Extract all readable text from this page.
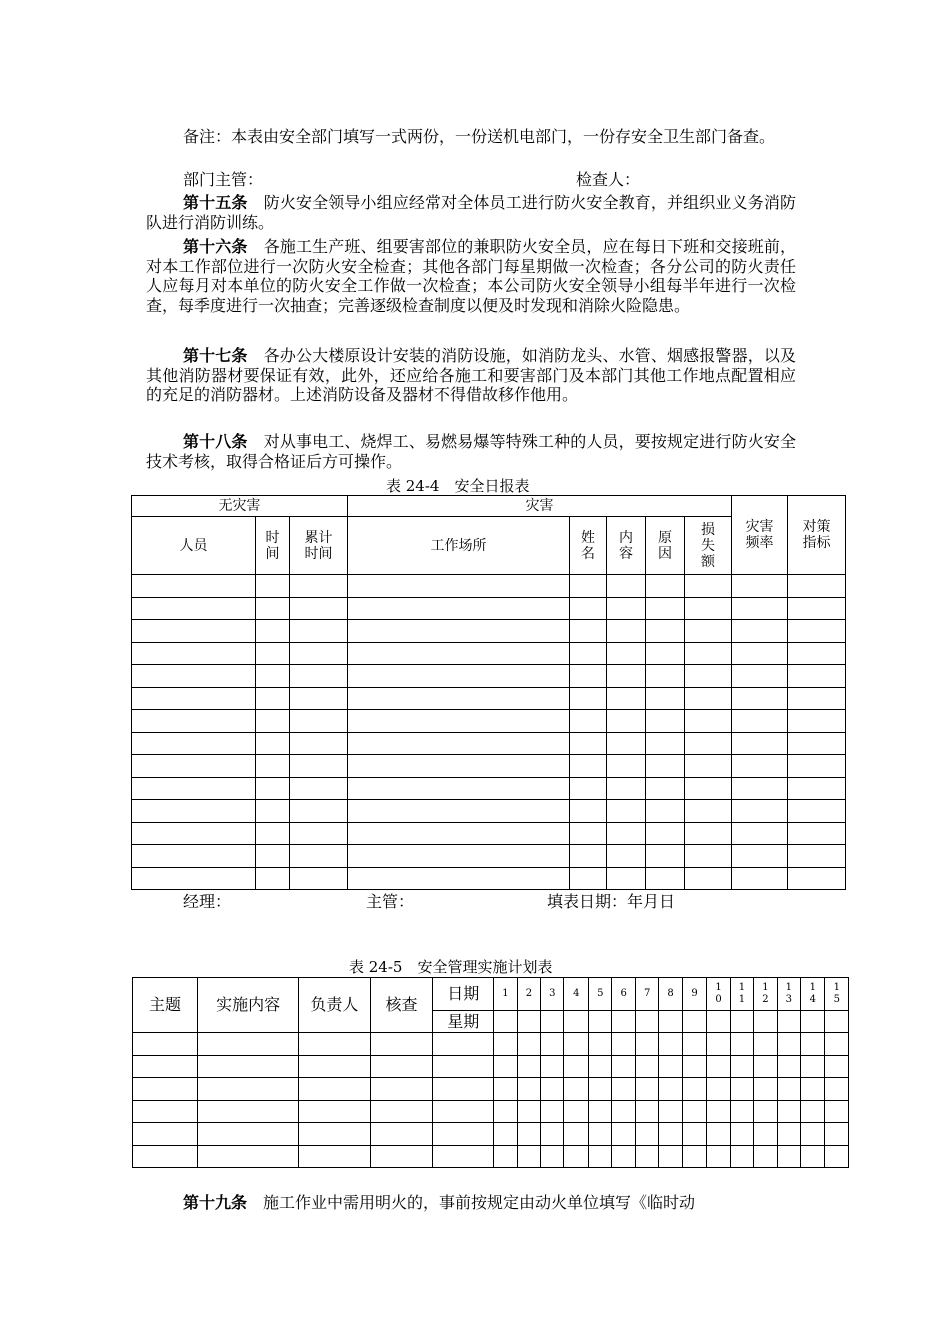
备注：本表由安全部门填写一式两份，一份送机电部门，一份存安全卫生部门备查。

部门主管：	检查人：

第十五条　 防火安全领导小组应经常对全体员工进行防火安全教育，并组织业义务消防队进行消防训练。

第十六条　 各施工生产班、组要害部位的兼职防火安全员，应在每日下班和交接班前，对本工作部位进行一次防火安全检查；其他各部门每星期做一次检查；各分公司的防火责任人应每月对本单位的防火安全工作做一次检查；本公司防火安全领导小组每半年进行一次检查，每季度进行一次抽查；完善逐级检查制度以便及时发现和消除火险隐患。

第十七条　 各办公大楼原设计安装的消防设施，如消防龙头、水管、烟感报警器，以及其他消防器材要保证有效，此外，还应给各施工和要害部门及本部门其他工作地点配置相应的充足的消防器材。上述消防设备及器材不得借故移作他用。

第十八条　 对从事电工、烧焊工、易燃易爆等特殊工种的人员，要按规定进行防火安全技术考核，取得合格证后方可操作。

表 24-4　安全日报表
无灾害			灾害					灾害频率	对策指标
人员	时间	累计时间	工作场所	姓名	内容	原因	损失额		

经理：	主管：	填表日期：年月日
表 24-5　安全管理实施计划表
主题	实施内容	负责人	核查	日期	1	2	3	4	5	6	7	8	9	10	11	12	13	14	15
				星期															

第十九条　 施工作业中需用明火的，事前按规定由动火单位填写《临时动
